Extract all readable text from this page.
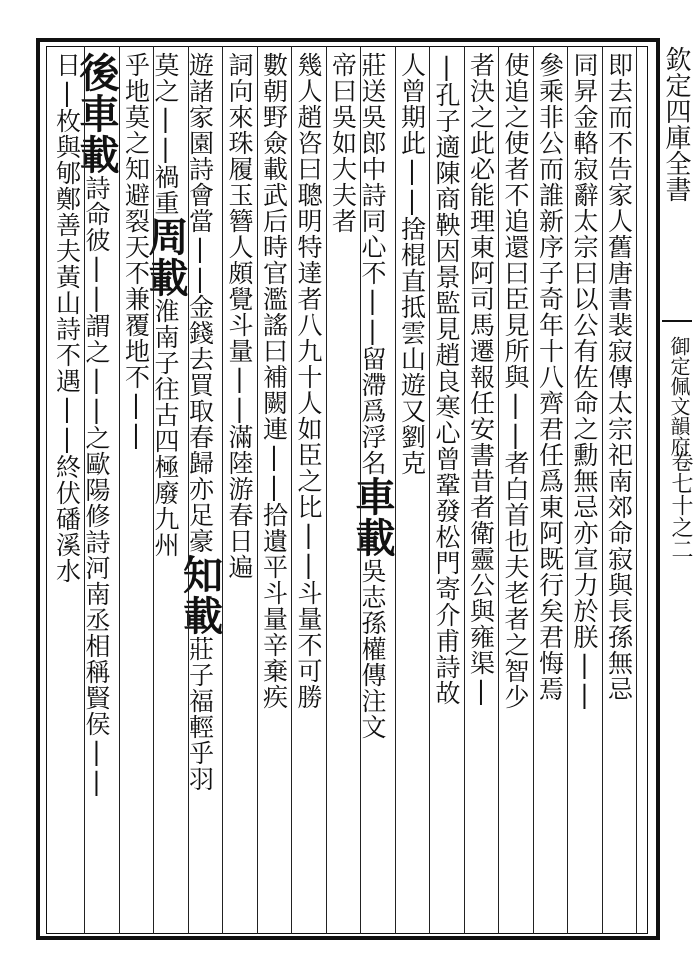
欽定四庫全書
御定佩文韻府
卷七十之二
即去而不告家人舊唐書裴寂傳太宗祀南郊命寂與長孫無忌
同昇金輅寂辭太宗曰以公有佐命之勳無忌亦宣力於朕||
參乘非公而誰新序子奇年十八齊君任爲東阿既行矣君悔焉
使追之使者不追還曰臣見所與||者白首也夫老者之智少
者決之此必能理東阿司馬遷報任安書昔者衛靈公與雍渠|
|孔子適陳商鞅因景監見趙良寒心曾鞏發松門寄介甫詩故
人曾期此||捨棍直抵雲山遊又劉克
莊送吳郎中詩同心不||留滯爲浮名車載吳志孫權傳注文
帝曰吳如大夫者
幾人趙咨曰聰明特達者八九十人如臣之比||斗量不可勝
數朝野僉載武后時官濫謠曰補闕連||拾遺平斗量辛棄疾
詞向來珠履玉簪人頗覺斗量||滿陸游春日遍
遊諸家園詩會當||金錢去買取春歸亦足豪知載莊子福輕乎羽
莫之||禍重周載淮南子往古四極廢九州
乎地莫之知避裂天不兼覆地不||
後車載詩命彼||謂之||之歐陽修詩河南丞相稱賢侯||
日|枚與郇鄭善夫黃山詩不遇||終伏磻溪水
